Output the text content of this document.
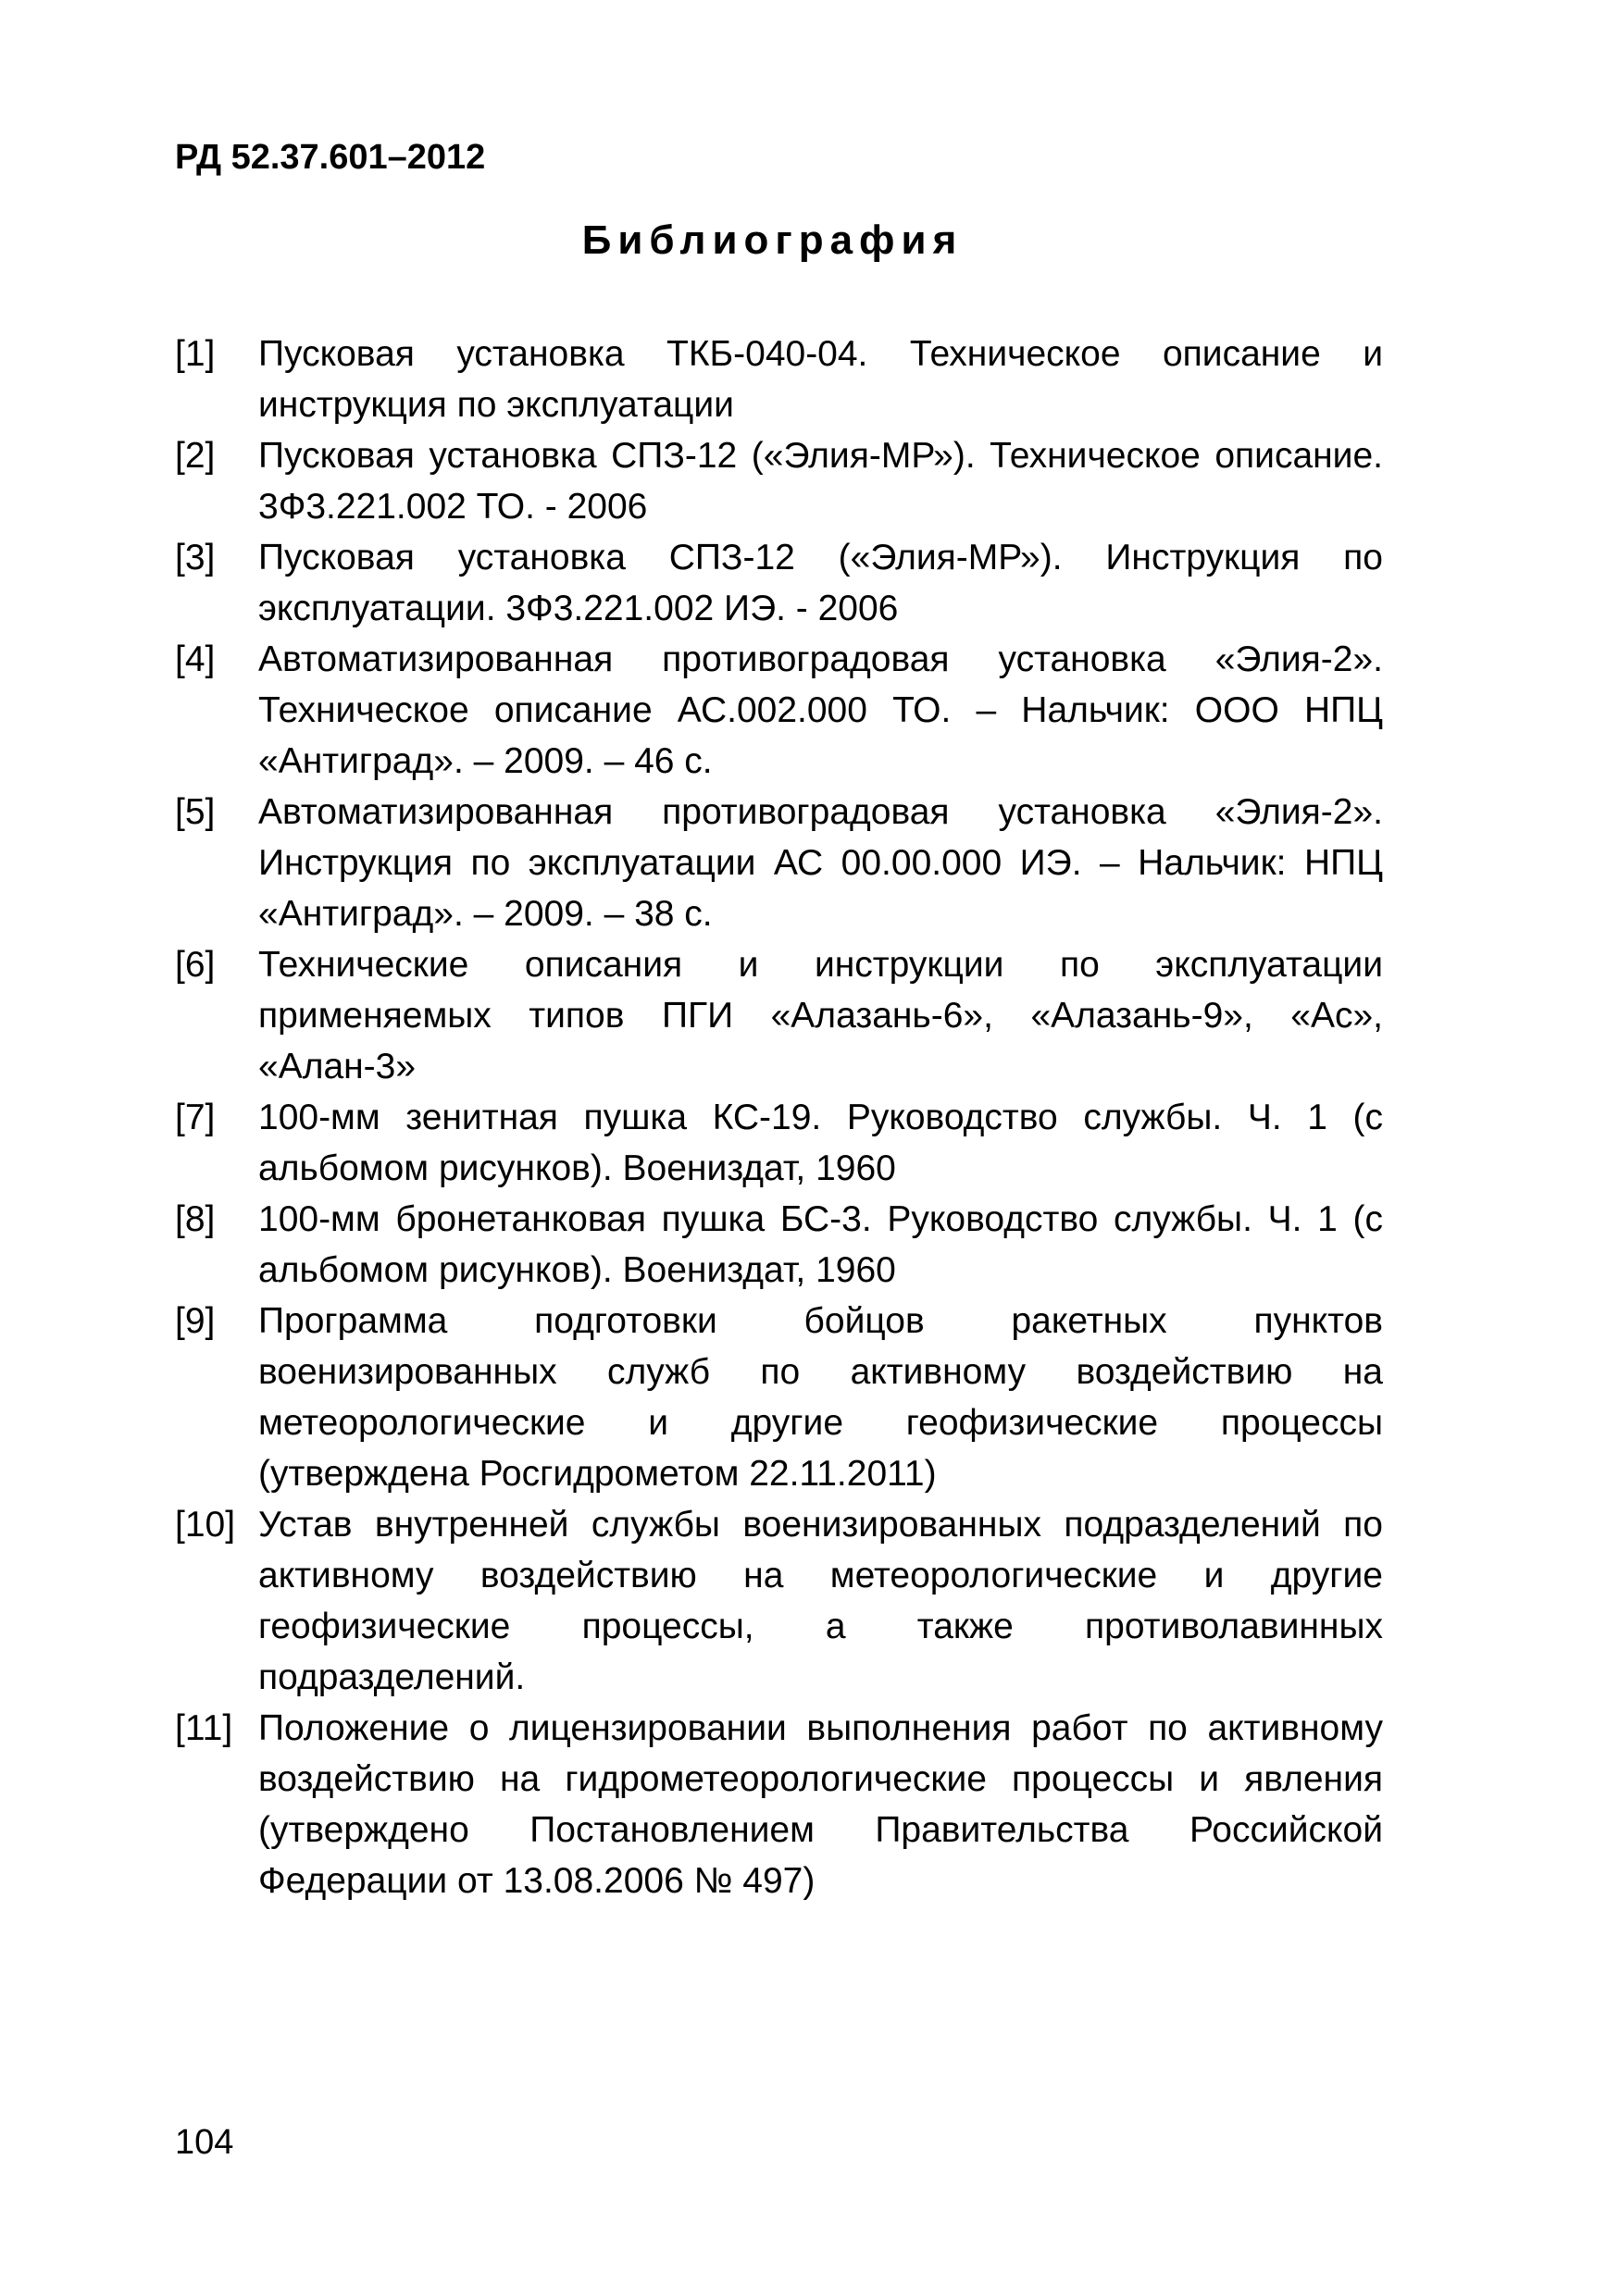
РД 52.37.601–2012
Библиография
[1]	Пусковая установка ТКБ-040-04. Техническое описание и инструкция по эксплуатации
[2]	Пусковая установка СПЗ-12 («Элия-МР»). Техническое описание. 3Ф3.221.002 ТО. - 2006
[3]	Пусковая установка СПЗ-12 («Элия-МР»). Инструкция по эксплуатации. 3Ф3.221.002 ИЭ. - 2006
[4]	Автоматизированная противоградовая установка «Элия-2». Техническое описание АС.002.000 ТО. – Нальчик: ООО НПЦ «Антиград». – 2009. – 46 с.
[5]	Автоматизированная противоградовая установка «Элия-2». Инструкция по эксплуатации АС 00.00.000 ИЭ. – Нальчик: НПЦ «Антиград». – 2009. – 38 с.
[6]	Технические описания и инструкции по эксплуатации применяемых типов ПГИ «Алазань-6», «Алазань-9», «Ас», «Алан-3»
[7]	100-мм зенитная пушка КС-19. Руководство службы. Ч. 1 (с альбомом рисунков). Воениздат, 1960
[8]	100-мм бронетанковая пушка БС-3. Руководство службы. Ч. 1 (с альбомом рисунков). Воениздат, 1960
[9]	Программа подготовки бойцов ракетных пунктов военизированных служб по активному воздействию на метеорологические и другие геофизические процессы (утверждена Росгидрометом 22.11.2011)
[10] Устав внутренней службы военизированных подразделений по активному воздействию на метеорологические и другие геофизические процессы, а также противолавинных подразделений.
[11] Положение о лицензировании выполнения работ по активному воздействию на гидрометеорологические процессы и явления (утверждено Постановлением Правительства Российской Федерации от 13.08.2006 № 497)
104
